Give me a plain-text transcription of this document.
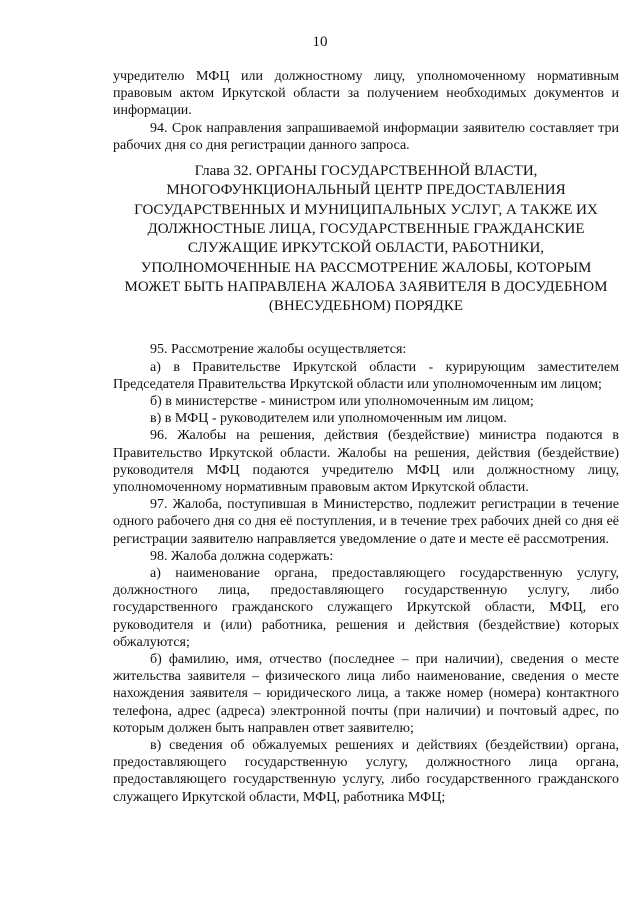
10

учредителю МФЦ или должностному лицу, уполномоченному нормативным правовым актом Иркутской области за получением необходимых документов и информации.

94. Срок направления запрашиваемой информации заявителю составляет три рабочих дня со дня регистрации данного запроса.

Глава 32. ОРГАНЫ ГОСУДАРСТВЕННОЙ ВЛАСТИ, МНОГОФУНКЦИОНАЛЬНЫЙ ЦЕНТР ПРЕДОСТАВЛЕНИЯ ГОСУДАРСТВЕННЫХ И МУНИЦИПАЛЬНЫХ УСЛУГ, А ТАКЖЕ ИХ ДОЛЖНОСТНЫЕ ЛИЦА, ГОСУДАРСТВЕННЫЕ ГРАЖДАНСКИЕ СЛУЖАЩИЕ ИРКУТСКОЙ ОБЛАСТИ, РАБОТНИКИ, УПОЛНОМОЧЕННЫЕ НА РАССМОТРЕНИЕ ЖАЛОБЫ, КОТОРЫМ МОЖЕТ БЫТЬ НАПРАВЛЕНА ЖАЛОБА ЗАЯВИТЕЛЯ В ДОСУДЕБНОМ (ВНЕСУДЕБНОМ) ПОРЯДКЕ

95. Рассмотрение жалобы осуществляется:

а) в Правительстве Иркутской области - курирующим заместителем Председателя Правительства Иркутской области или уполномоченным им лицом;

б) в министерстве - министром или уполномоченным им лицом;

в) в МФЦ - руководителем или уполномоченным им лицом.

96. Жалобы на решения, действия (бездействие) министра подаются в Правительство Иркутской области. Жалобы на решения, действия (бездействие) руководителя МФЦ подаются учредителю МФЦ или должностному лицу, уполномоченному нормативным правовым актом Иркутской области.

97. Жалоба, поступившая в Министерство, подлежит регистрации в течение одного рабочего дня со дня её поступления, и в течение трех рабочих дней со дня её регистрации заявителю направляется уведомление о дате и месте её рассмотрения.

98. Жалоба должна содержать:

а) наименование органа, предоставляющего государственную услугу, должностного лица, предоставляющего государственную услугу, либо государственного гражданского служащего Иркутской области, МФЦ, его руководителя и (или) работника, решения и действия (бездействие) которых обжалуются;

б) фамилию, имя, отчество (последнее – при наличии), сведения о месте жительства заявителя – физического лица либо наименование, сведения о месте нахождения заявителя – юридического лица, а также номер (номера) контактного телефона, адрес (адреса) электронной почты (при наличии) и почтовый адрес, по которым должен быть направлен ответ заявителю;

в) сведения об обжалуемых решениях и действиях (бездействии) органа, предоставляющего государственную услугу, должностного лица органа, предоставляющего государственную услугу, либо государственного гражданского служащего Иркутской области, МФЦ, работника МФЦ;
